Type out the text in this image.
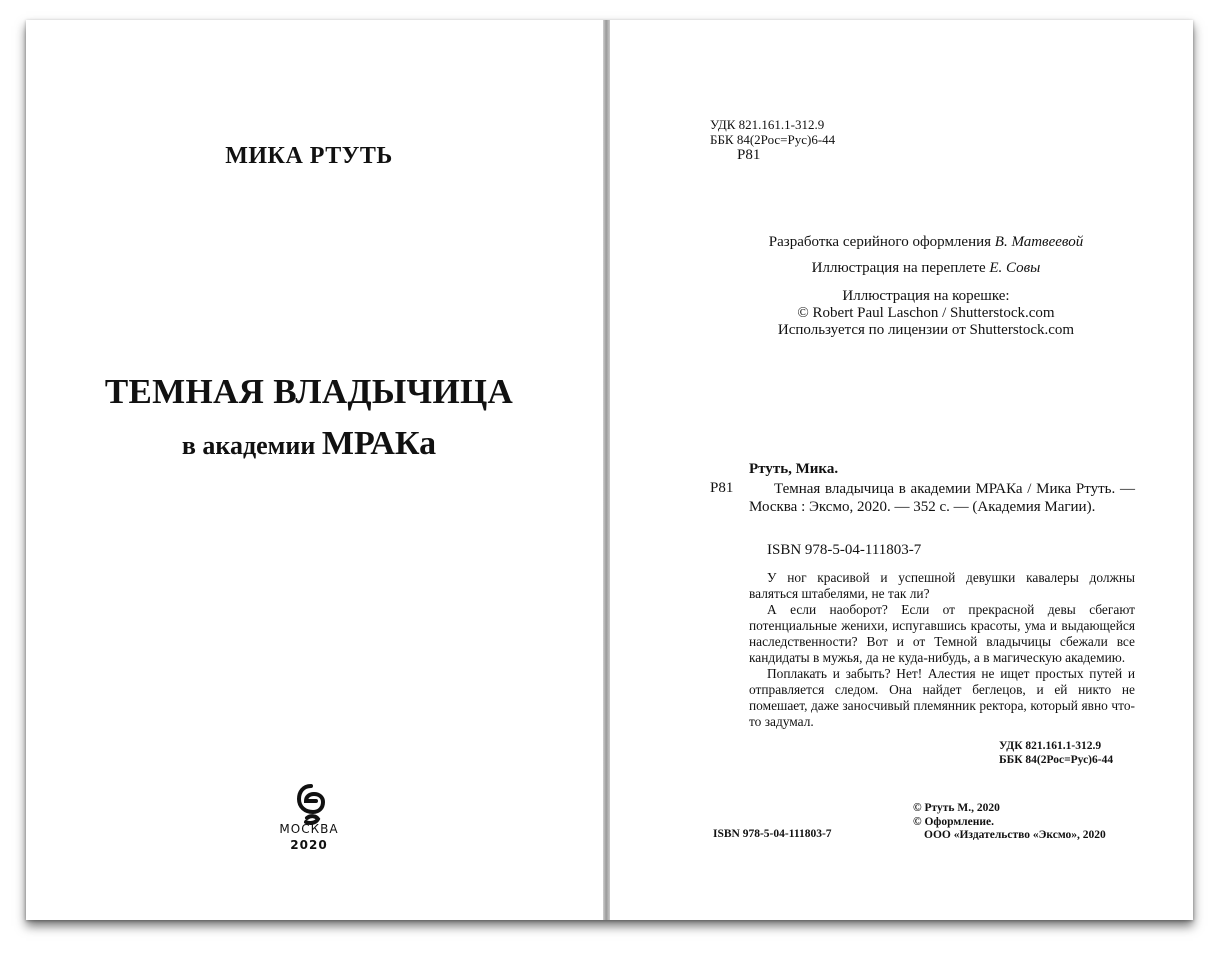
МИКА РТУТЬ
ТЕМНАЯ ВЛАДЫЧИЦА
в академии МРАКа
МОСКВА
2020
УДК 821.161.1-312.9
ББК 84(2Рос=Рус)6-44
Р81
Разработка серийного оформления В. Матвеевой
Иллюстрация на переплете Е. Совы
Иллюстрация на корешке:
© Robert Paul Laschon / Shutterstock.com
Используется по лицензии от Shutterstock.com
Ртуть, Мика.
Р81	Темная владычица в академии МРАКа / Мика Ртуть. — Москва : Эксмо, 2020. — 352 с. — (Академия Магии).
ISBN 978-5-04-111803-7

У ног красивой и успешной девушки кавалеры должны валяться штабелями, не так ли?

А если наоборот? Если от прекрасной девы сбегают потенциальные женихи, испугавшись красоты, ума и выдающейся наследственности? Вот и от Темной владычицы сбежали все кандидаты в мужья, да не куда-нибудь, а в магическую академию.

Поплакать и забыть? Нет! Алестия не ищет простых путей и отправляется следом. Она найдет беглецов, и ей никто не помешает, даже заносчивый племянник ректора, который явно что-то задумал.

УДК 821.161.1-312.9
ББК 84(2Рос=Рус)6-44
ISBN 978-5-04-111803-7
© Ртуть М., 2020
© Оформление.
ООО «Издательство «Эксмо», 2020
